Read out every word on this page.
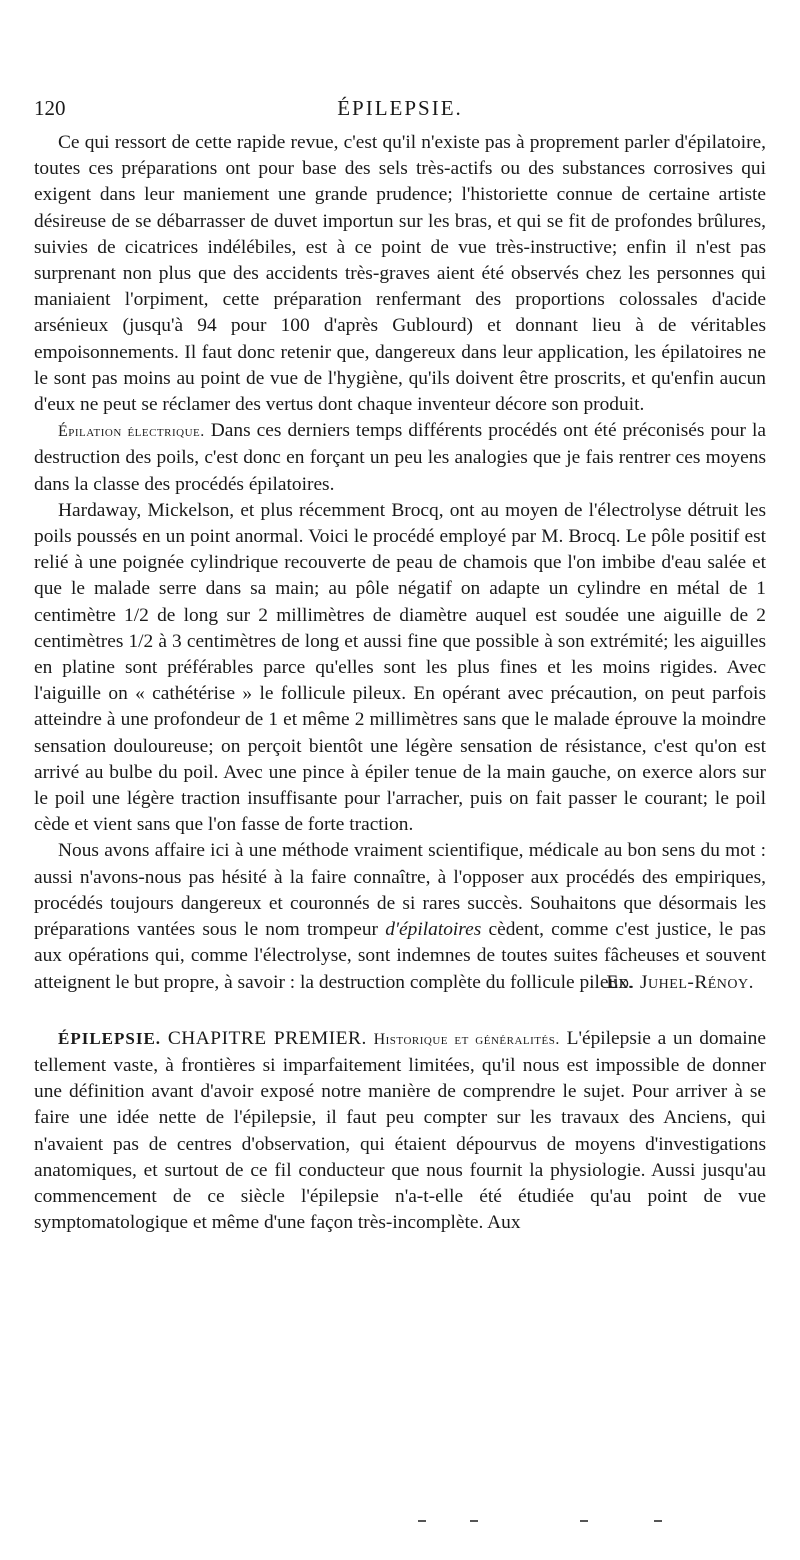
120	ÉPILEPSIE.

Ce qui ressort de cette rapide revue, c'est qu'il n'existe pas à proprement parler d'épilatoire, toutes ces préparations ont pour base des sels très-actifs ou des substances corrosives qui exigent dans leur maniement une grande prudence; l'historiette connue de certaine artiste désireuse de se débarrasser de duvet importun sur les bras, et qui se fit de profondes brûlures, suivies de cicatrices indélébiles, est à ce point de vue très-instructive; enfin il n'est pas surprenant non plus que des accidents très-graves aient été observés chez les personnes qui maniaient l'orpiment, cette préparation renfermant des proportions colossales d'acide arsénieux (jusqu'à 94 pour 100 d'après Gublourd) et donnant lieu à de véritables empoisonnements. Il faut donc retenir que, dangereux dans leur application, les épilatoires ne le sont pas moins au point de vue de l'hygiène, qu'ils doivent être proscrits, et qu'enfin aucun d'eux ne peut se réclamer des vertus dont chaque inventeur décore son produit.

Épilation électrique. Dans ces derniers temps différents procédés ont été préconisés pour la destruction des poils, c'est donc en forçant un peu les analogies que je fais rentrer ces moyens dans la classe des procédés épilatoires.

Hardaway, Mickelson, et plus récemment Brocq, ont au moyen de l'électrolyse détruit les poils poussés en un point anormal. Voici le procédé employé par M. Brocq. Le pôle positif est relié à une poignée cylindrique recouverte de peau de chamois que l'on imbibe d'eau salée et que le malade serre dans sa main; au pôle négatif on adapte un cylindre en métal de 1 centimètre 1/2 de long sur 2 millimètres de diamètre auquel est soudée une aiguille de 2 centimètres 1/2 à 3 centimètres de long et aussi fine que possible à son extrémité; les aiguilles en platine sont préférables parce qu'elles sont les plus fines et les moins rigides. Avec l'aiguille on « cathétérise » le follicule pileux. En opérant avec précaution, on peut parfois atteindre à une profondeur de 1 et même 2 millimètres sans que le malade éprouve la moindre sensation douloureuse; on perçoit bientôt une légère sensation de résistance, c'est qu'on est arrivé au bulbe du poil. Avec une pince à épiler tenue de la main gauche, on exerce alors sur le poil une légère traction insuffisante pour l'arracher, puis on fait passer le courant; le poil cède et vient sans que l'on fasse de forte traction.

Nous avons affaire ici à une méthode vraiment scientifique, médicale au bon sens du mot : aussi n'avons-nous pas hésité à la faire connaître, à l'opposer aux procédés des empiriques, procédés toujours dangereux et couronnés de si rares succès. Souhaitons que désormais les préparations vantées sous le nom trompeur d'épilatoires cèdent, comme c'est justice, le pas aux opérations qui, comme l'électrolyse, sont indemnes de toutes suites fâcheuses et souvent atteignent le but propre, à savoir : la destruction complète du follicule pileux.

Ed. Juhel-Rénoy.

ÉPILEPSIE. CHAPITRE PREMIER. Historique et généralités. L'épilepsie a un domaine tellement vaste, à frontières si imparfaitement limitées, qu'il nous est impossible de donner une définition avant d'avoir exposé notre manière de comprendre le sujet. Pour arriver à se faire une idée nette de l'épilepsie, il faut peu compter sur les travaux des Anciens, qui n'avaient pas de centres d'observation, qui étaient dépourvus de moyens d'investigations anatomiques, et surtout de ce fil conducteur que nous fournit la physiologie. Aussi jusqu'au commencement de ce siècle l'épilepsie n'a-t-elle été étudiée qu'au point de vue symptomatologique et même d'une façon très-incomplète. Aux
